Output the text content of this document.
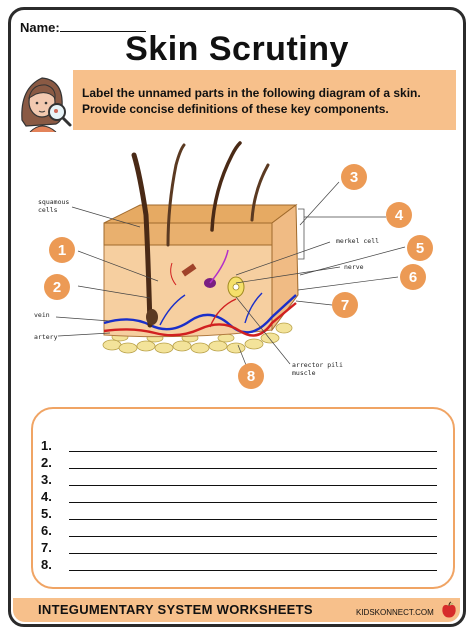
Name:
Skin Scrutiny
Label the unnamed parts in the following diagram of a skin. Provide concise definitions of these key components.
squamous
cells
merkel cell
nerve
vein
artery
arrector pili
muscle
1
2
3
4
5
6
7
8
1.
2.
3.
4.
5.
6.
7.
8.
INTEGUMENTARY SYSTEM WORKSHEETS	KIDSKONNECT.COM
